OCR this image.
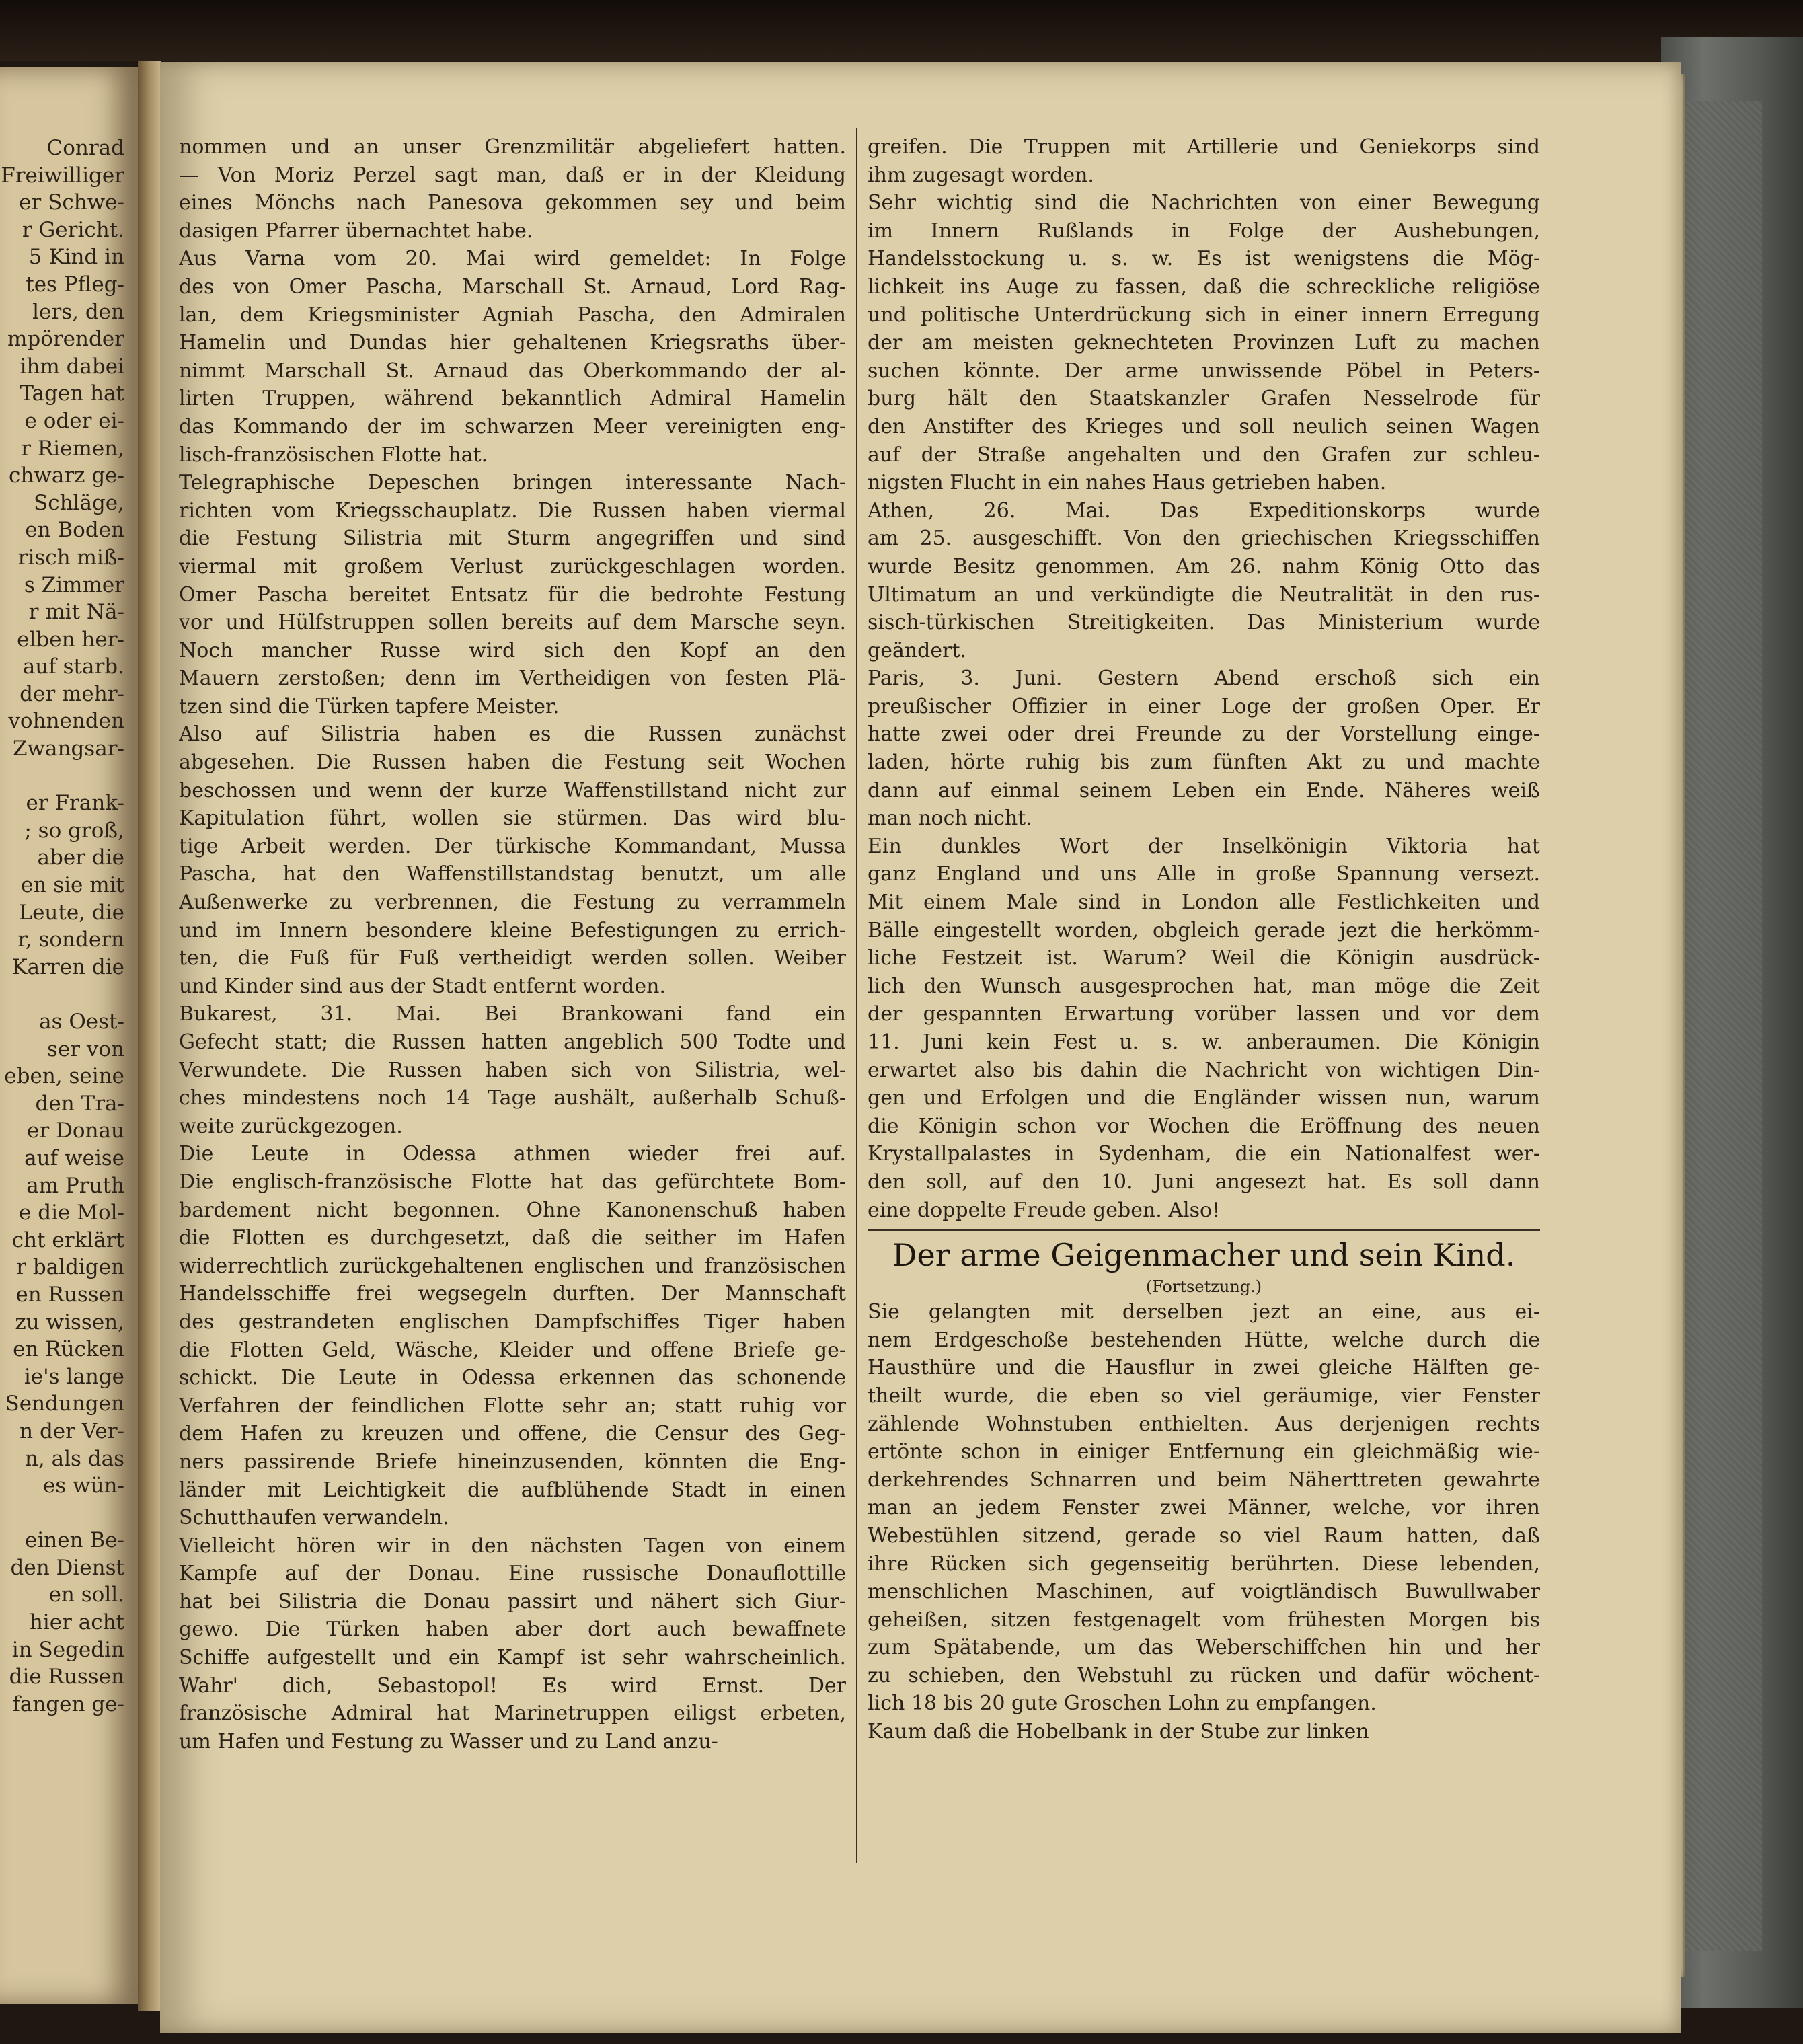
Conrad
Freiwilliger
er Schwe-
r Gericht.
5 Kind in
tes Pfleg-
lers, den
mpörender
ihm dabei
Tagen hat
e oder ei-
r Riemen,
chwarz ge-
Schläge,
en Boden
risch miß-
s Zimmer
r mit Nä-
elben her-
auf starb.
der mehr-
vohnenden
Zwangsar-
er Frank-
; so groß,
aber die
en sie mit
Leute, die
r, sondern
Karren die
as Oest-
ser von
eben, seine
den Tra-
er Donau
auf weise
am Pruth
e die Mol-
cht erklärt
r baldigen
en Russen
zu wissen,
en Rücken
ie's lange
Sendungen
n der Ver-
n, als das
es wün-
einen Be-
den Dienst
en soll.
hier acht
in Segedin
die Russen
fangen ge-
nommen und an unser Grenzmilitär abgeliefert hatten.
— Von Moriz Perzel sagt man, daß er in der Kleidung
eines Mönchs nach Panesova gekommen sey und beim
dasigen Pfarrer übernachtet habe.
Aus Varna vom 20. Mai wird gemeldet: In Folge
des von Omer Pascha, Marschall St. Arnaud, Lord Rag-
lan, dem Kriegsminister Agniah Pascha, den Admiralen
Hamelin und Dundas hier gehaltenen Kriegsraths über-
nimmt Marschall St. Arnaud das Oberkommando der al-
lirten Truppen, während bekanntlich Admiral Hamelin
das Kommando der im schwarzen Meer vereinigten eng-
lisch-französischen Flotte hat.
Telegraphische Depeschen bringen interessante Nach-
richten vom Kriegsschauplatz. Die Russen haben viermal
die Festung Silistria mit Sturm angegriffen und sind
viermal mit großem Verlust zurückgeschlagen worden.
Omer Pascha bereitet Entsatz für die bedrohte Festung
vor und Hülfstruppen sollen bereits auf dem Marsche seyn.
Noch mancher Russe wird sich den Kopf an den
Mauern zerstoßen; denn im Vertheidigen von festen Plä-
tzen sind die Türken tapfere Meister.
Also auf Silistria haben es die Russen zunächst
abgesehen. Die Russen haben die Festung seit Wochen
beschossen und wenn der kurze Waffenstillstand nicht zur
Kapitulation führt, wollen sie stürmen. Das wird blu-
tige Arbeit werden. Der türkische Kommandant, Mussa
Pascha, hat den Waffenstillstandstag benutzt, um alle
Außenwerke zu verbrennen, die Festung zu verrammeln
und im Innern besondere kleine Befestigungen zu errich-
ten, die Fuß für Fuß vertheidigt werden sollen. Weiber
und Kinder sind aus der Stadt entfernt worden.
Bukarest, 31. Mai. Bei Brankowani fand ein
Gefecht statt; die Russen hatten angeblich 500 Todte und
Verwundete. Die Russen haben sich von Silistria, wel-
ches mindestens noch 14 Tage aushält, außerhalb Schuß-
weite zurückgezogen.
Die Leute in Odessa athmen wieder frei auf.
Die englisch-französische Flotte hat das gefürchtete Bom-
bardement nicht begonnen. Ohne Kanonenschuß haben
die Flotten es durchgesetzt, daß die seither im Hafen
widerrechtlich zurückgehaltenen englischen und französischen
Handelsschiffe frei wegsegeln durften. Der Mannschaft
des gestrandeten englischen Dampfschiffes Tiger haben
die Flotten Geld, Wäsche, Kleider und offene Briefe ge-
schickt. Die Leute in Odessa erkennen das schonende
Verfahren der feindlichen Flotte sehr an; statt ruhig vor
dem Hafen zu kreuzen und offene, die Censur des Geg-
ners passirende Briefe hineinzusenden, könnten die Eng-
länder mit Leichtigkeit die aufblühende Stadt in einen
Schutthaufen verwandeln.
Vielleicht hören wir in den nächsten Tagen von einem
Kampfe auf der Donau. Eine russische Donauflottille
hat bei Silistria die Donau passirt und nähert sich Giur-
gewo. Die Türken haben aber dort auch bewaffnete
Schiffe aufgestellt und ein Kampf ist sehr wahrscheinlich.
Wahr' dich, Sebastopol! Es wird Ernst. Der
französische Admiral hat Marinetruppen eiligst erbeten,
um Hafen und Festung zu Wasser und zu Land anzu-
greifen. Die Truppen mit Artillerie und Geniekorps sind
ihm zugesagt worden.
Sehr wichtig sind die Nachrichten von einer Bewegung
im Innern Rußlands in Folge der Aushebungen,
Handelsstockung u. s. w. Es ist wenigstens die Mög-
lichkeit ins Auge zu fassen, daß die schreckliche religiöse
und politische Unterdrückung sich in einer innern Erregung
der am meisten geknechteten Provinzen Luft zu machen
suchen könnte. Der arme unwissende Pöbel in Peters-
burg hält den Staatskanzler Grafen Nesselrode für
den Anstifter des Krieges und soll neulich seinen Wagen
auf der Straße angehalten und den Grafen zur schleu-
nigsten Flucht in ein nahes Haus getrieben haben.
Athen, 26. Mai. Das Expeditionskorps wurde
am 25. ausgeschifft. Von den griechischen Kriegsschiffen
wurde Besitz genommen. Am 26. nahm König Otto das
Ultimatum an und verkündigte die Neutralität in den rus-
sisch-türkischen Streitigkeiten. Das Ministerium wurde
geändert.
Paris, 3. Juni. Gestern Abend erschoß sich ein
preußischer Offizier in einer Loge der großen Oper. Er
hatte zwei oder drei Freunde zu der Vorstellung einge-
laden, hörte ruhig bis zum fünften Akt zu und machte
dann auf einmal seinem Leben ein Ende. Näheres weiß
man noch nicht.
Ein dunkles Wort der Inselkönigin Viktoria hat
ganz England und uns Alle in große Spannung versezt.
Mit einem Male sind in London alle Festlichkeiten und
Bälle eingestellt worden, obgleich gerade jezt die herkömm-
liche Festzeit ist. Warum? Weil die Königin ausdrück-
lich den Wunsch ausgesprochen hat, man möge die Zeit
der gespannten Erwartung vorüber lassen und vor dem
11. Juni kein Fest u. s. w. anberaumen. Die Königin
erwartet also bis dahin die Nachricht von wichtigen Din-
gen und Erfolgen und die Engländer wissen nun, warum
die Königin schon vor Wochen die Eröffnung des neuen
Krystallpalastes in Sydenham, die ein Nationalfest wer-
den soll, auf den 10. Juni angesezt hat. Es soll dann
eine doppelte Freude geben. Also!
Der arme Geigenmacher und sein Kind.
(Fortsetzung.)
Sie gelangten mit derselben jezt an eine, aus ei-
nem Erdgeschoße bestehenden Hütte, welche durch die
Hausthüre und die Hausflur in zwei gleiche Hälften ge-
theilt wurde, die eben so viel geräumige, vier Fenster
zählende Wohnstuben enthielten. Aus derjenigen rechts
ertönte schon in einiger Entfernung ein gleichmäßig wie-
derkehrendes Schnarren und beim Näherttreten gewahrte
man an jedem Fenster zwei Männer, welche, vor ihren
Webestühlen sitzend, gerade so viel Raum hatten, daß
ihre Rücken sich gegenseitig berührten. Diese lebenden,
menschlichen Maschinen, auf voigtländisch Buwullwaber
geheißen, sitzen festgenagelt vom frühesten Morgen bis
zum Spätabende, um das Weberschiffchen hin und her
zu schieben, den Webstuhl zu rücken und dafür wöchent-
lich 18 bis 20 gute Groschen Lohn zu empfangen.
Kaum daß die Hobelbank in der Stube zur linken
